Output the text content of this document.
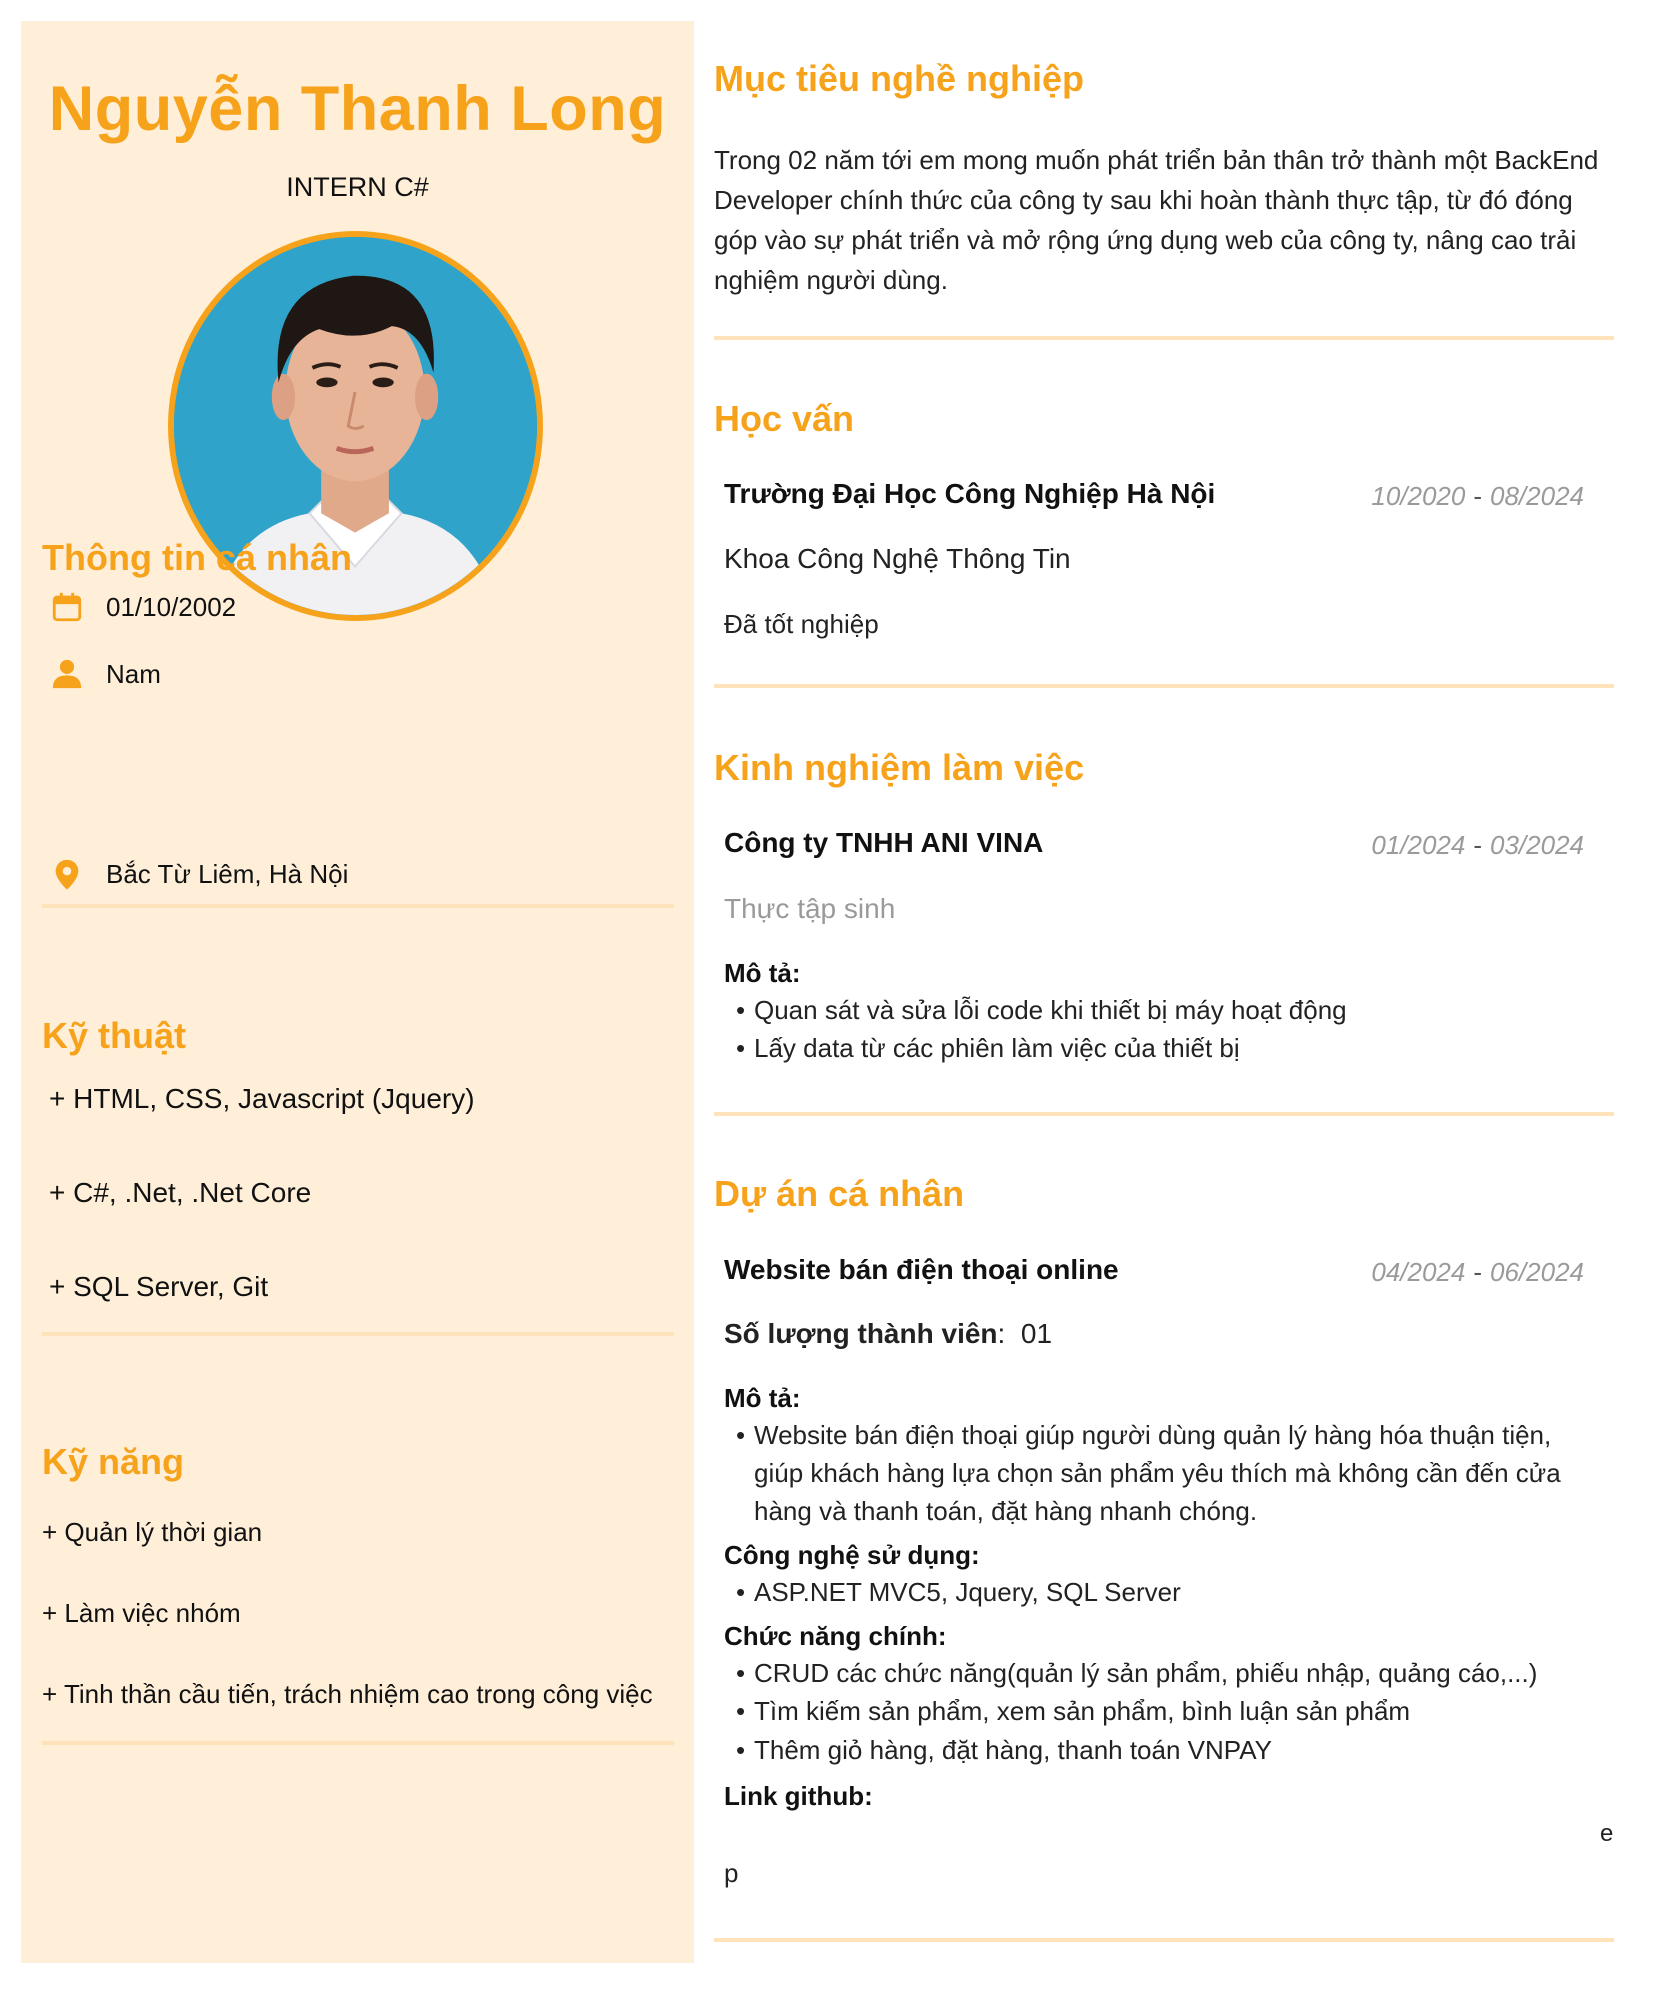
Nguyễn Thanh Long
INTERN C#
Thông tin cá nhân
01/10/2002
Nam
Bắc Từ Liêm, Hà Nội
Kỹ thuật
+ HTML, CSS, Javascript (Jquery)
+ C#, .Net, .Net Core
+ SQL Server, Git
Kỹ năng
+ Quản lý thời gian
+ Làm việc nhóm
+ Tinh thần cầu tiến, trách nhiệm cao trong công việc
Mục tiêu nghề nghiệp
Trong 02 năm tới em mong muốn phát triển bản thân trở thành một BackEnd Developer chính thức của công ty sau khi hoàn thành thực tập, từ đó đóng góp vào sự phát triển và mở rộng ứng dụng web của công ty, nâng cao trải nghiệm người dùng.
Học vấn
Trường Đại Học Công Nghiệp Hà Nội	10/2020 - 08/2024
Khoa Công Nghệ Thông Tin
Đã tốt nghiệp
Kinh nghiệm làm việc
Công ty TNHH ANI VINA	01/2024 - 03/2024
Thực tập sinh
Mô tả:
• Quan sát và sửa lỗi code khi thiết bị máy hoạt động
• Lấy data từ các phiên làm việc của thiết bị
Dự án cá nhân
Website bán điện thoại online	04/2024 - 06/2024
Số lượng thành viên:  01
Mô tả:
• Website bán điện thoại giúp người dùng quản lý hàng hóa thuận tiện, giúp khách hàng lựa chọn sản phẩm yêu thích mà không cần đến cửa hàng và thanh toán, đặt hàng nhanh chóng.
Công nghệ sử dụng:
• ASP.NET MVC5, Jquery, SQL Server
Chức năng chính:
• CRUD các chức năng(quản lý sản phẩm, phiếu nhập, quảng cáo,...)
• Tìm kiếm sản phẩm, xem sản phẩm, bình luận sản phẩm
• Thêm giỏ hàng, đặt hàng, thanh toán VNPAY
Link github:
e
p
